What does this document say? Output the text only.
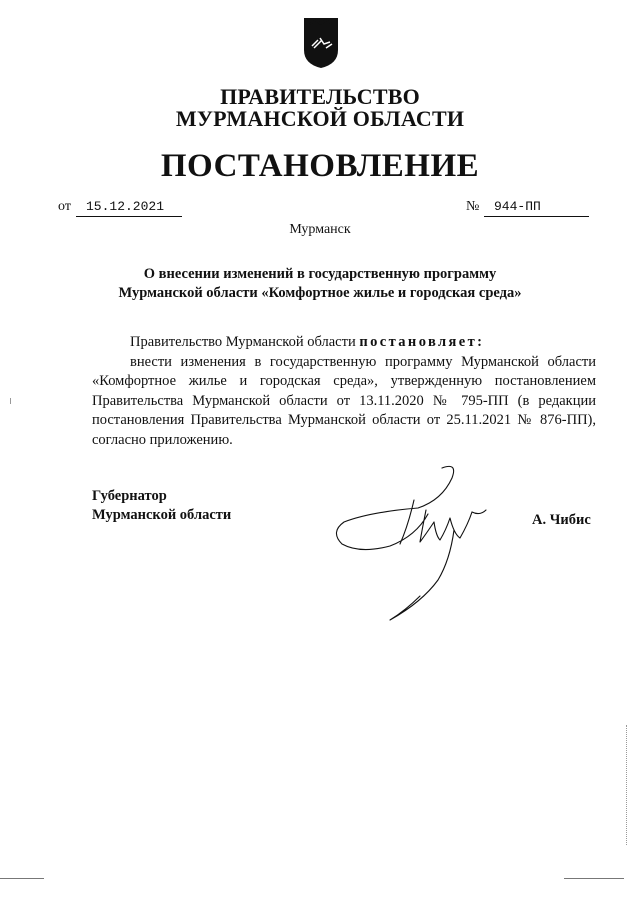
ПРАВИТЕЛЬСТВО
МУРМАНСКОЙ ОБЛАСТИ
ПОСТАНОВЛЕНИЕ
от	15.12.2021	№	944-ПП
Мурманск
О внесении изменений в государственную программу
Мурманской области «Комфортное жилье и городская среда»

Правительство Мурманской области постановляет:

внести изменения в государственную программу Мурманской области «Комфортное жилье и городская среда», утвержденную постановлением Правительства Мурманской области от 13.11.2020 № 795-ПП (в редакции постановления Правительства Мурманской области от 25.11.2021 № 876-ПП), согласно приложению.

Губернатор
Мурманской области	А. Чибис
